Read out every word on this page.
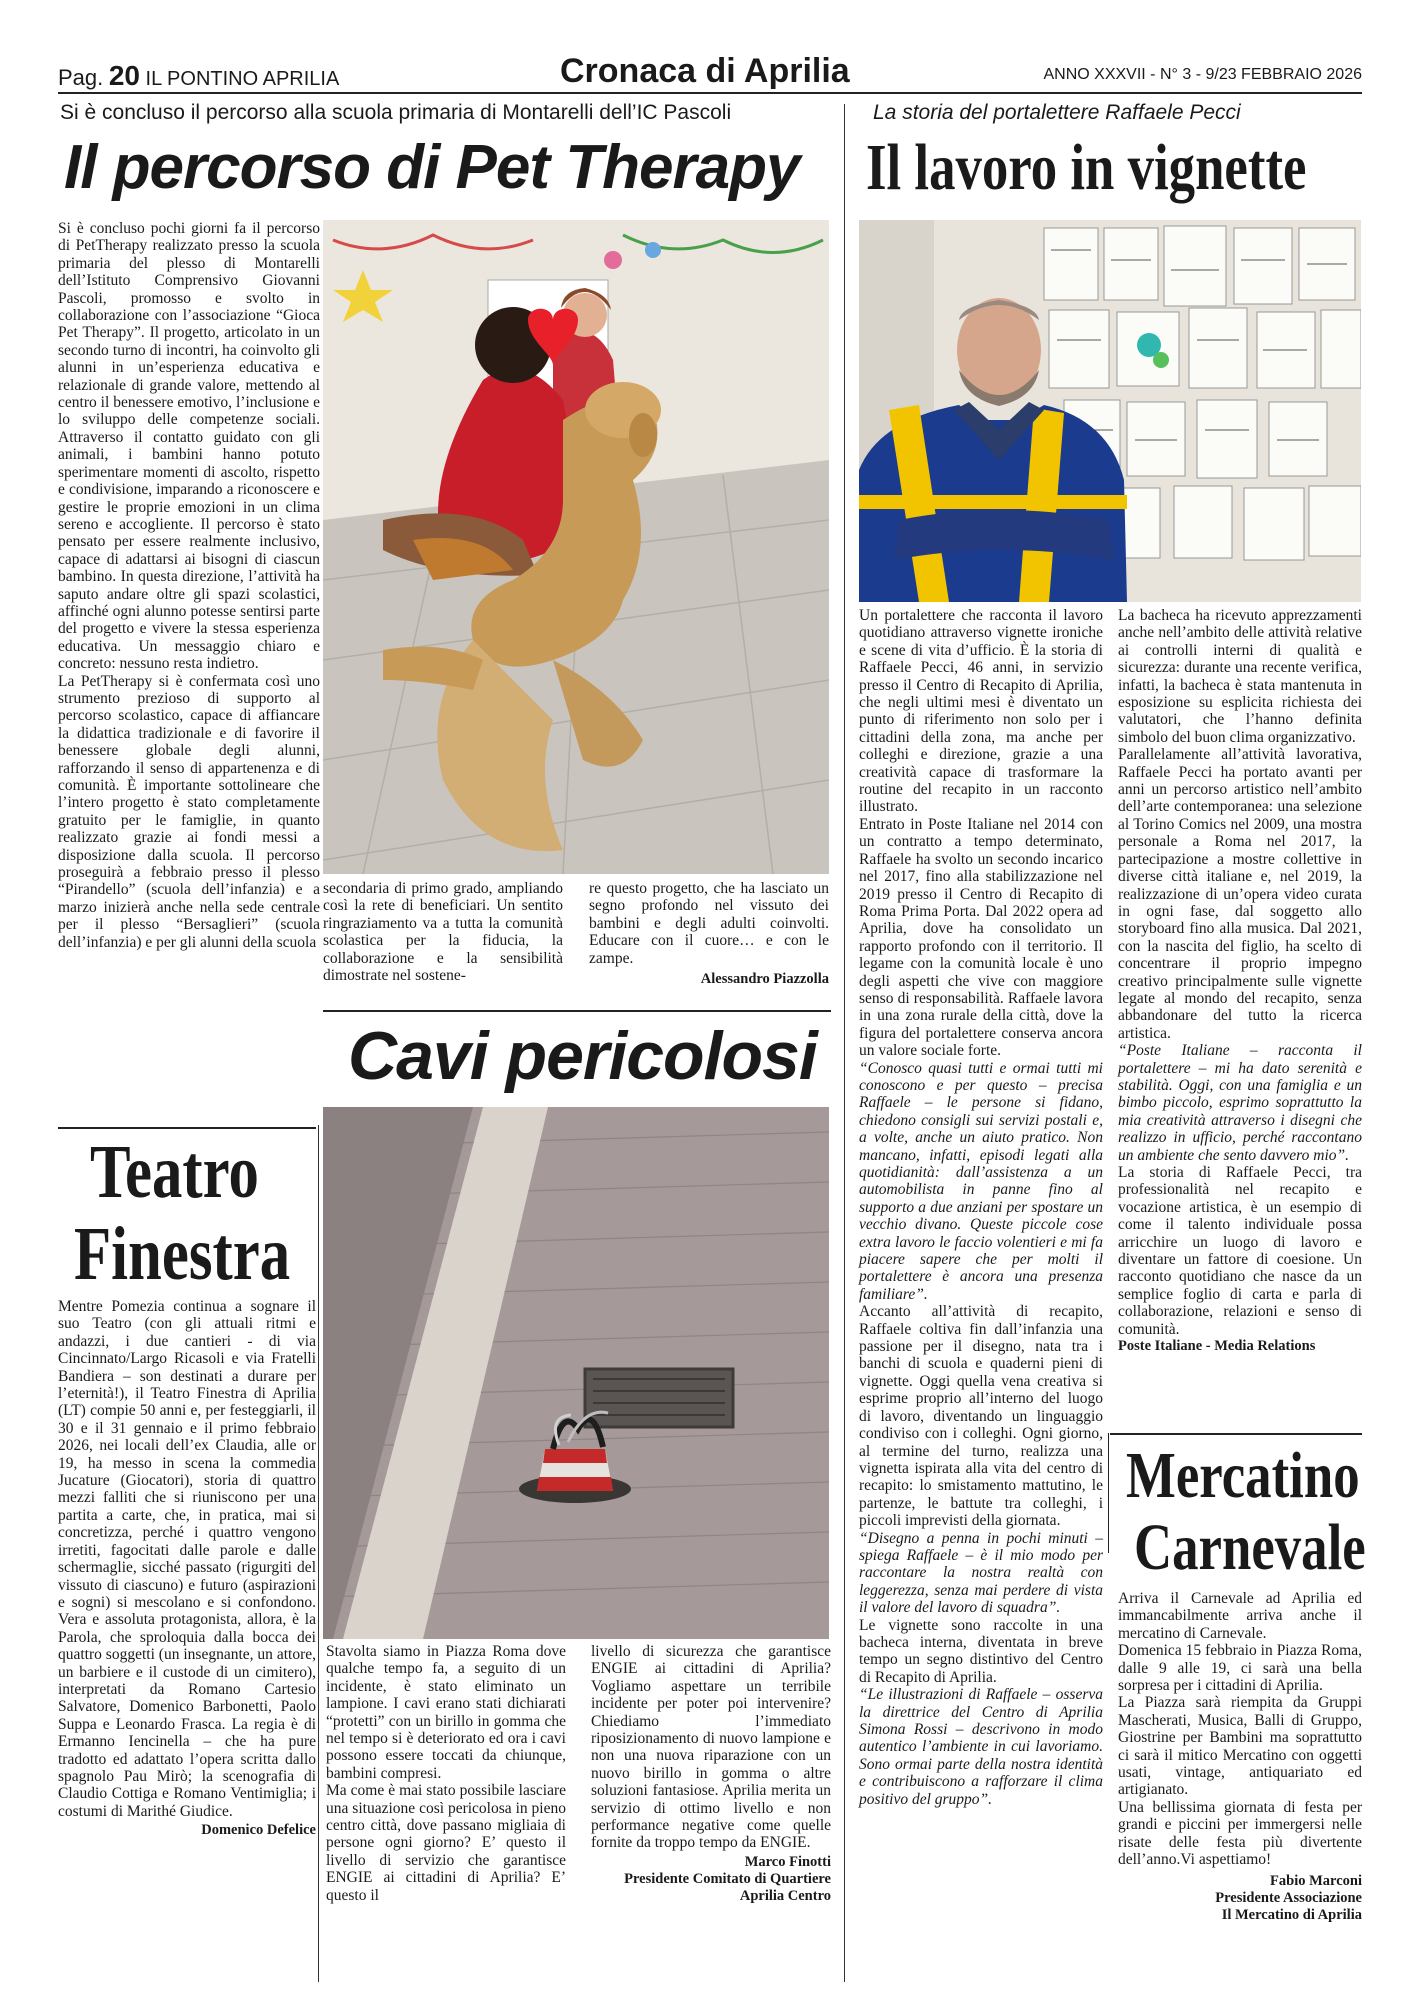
Pag. 20 IL PONTINO APRILIA	Cronaca di Aprilia	ANNO XXXVII - N° 3 - 9/23 FEBBRAIO 2026
Si è concluso il percorso alla scuola primaria di Montarelli dell’IC Pascoli
Il percorso di Pet Therapy

Si è concluso pochi giorni fa il percorso di PetTherapy realizzato presso la scuola primaria del plesso di Montarelli dell’Istituto Comprensivo Giovanni Pascoli, promosso e svolto in collaborazione con l’associazione “Gioca Pet Therapy”. Il progetto, articolato in un secondo turno di incontri, ha coinvolto gli alunni in un’esperienza educativa e relazionale di grande valore, mettendo al centro il benessere emotivo, l’inclusione e lo sviluppo delle competenze sociali. Attraverso il contatto guidato con gli animali, i bambini hanno potuto sperimentare momenti di ascolto, rispetto e condivisione, imparando a riconoscere e gestire le proprie emozioni in un clima sereno e accogliente. Il percorso è stato pensato per essere realmente inclusivo, capace di adattarsi ai bisogni di ciascun bambino. In questa direzione, l’attività ha saputo andare oltre gli spazi scolastici, affinché ogni alunno potesse sentirsi parte del progetto e vivere la stessa esperienza educativa. Un messaggio chiaro e concreto: nessuno resta indietro.

La PetTherapy si è confermata così uno strumento prezioso di supporto al percorso scolastico, capace di affiancare la didattica tradizionale e di favorire il benessere globale degli alunni, rafforzando il senso di appartenenza e di comunità. È importante sottolineare che l’intero progetto è stato completamente gratuito per le famiglie, in quanto realizzato grazie ai fondi messi a disposizione dalla scuola. Il percorso proseguirà a febbraio presso il plesso “Pirandello” (scuola dell’infanzia) e a marzo inizierà anche nella sede centrale per il plesso “Bersaglieri” (scuola dell’infanzia) e per gli alunni della scuola

secondaria di primo grado, ampliando così la rete di beneficiari. Un sentito ringraziamento va a tutta la comunità scolastica per la fiducia, la collaborazione e la sensibilità dimostrate nel sostene-

re questo progetto, che ha lasciato un segno profondo nel vissuto dei bambini e degli adulti coinvolti. Educare con il cuore… e con le zampe.

Alessandro Piazzolla
Teatro
Finestra

Mentre Pomezia continua a sognare il suo Teatro (con gli attuali ritmi e andazzi, i due cantieri - di via Cincinnato/Largo Ricasoli e via Fratelli Bandiera – son destinati a durare per l’eternità!), il Teatro Finestra di Aprilia (LT) compie 50 anni e, per festeggiarli, il 30 e il 31 gennaio e il primo febbraio 2026, nei locali dell’ex Claudia, alle or 19, ha messo in scena la commedia Jucature (Giocatori), storia di quattro mezzi falliti che si riuniscono per una partita a carte, che, in pratica, mai si concretizza, perché i quattro vengono irretiti, fagocitati dalle parole e dalle schermaglie, sicché passato (rigurgiti del vissuto di ciascuno) e futuro (aspirazioni e sogni) si mescolano e si confondono. Vera e assoluta protagonista, allora, è la Parola, che sproloquia dalla bocca dei quattro soggetti (un insegnante, un attore, un barbiere e il custode di un cimitero), interpretati da Romano Cartesio Salvatore, Domenico Barbonetti, Paolo Suppa e Leonardo Frasca. La regia è di Ermanno Iencinella – che ha pure tradotto ed adattato l’opera scritta dallo spagnolo Pau Mirò; la scenografia di Claudio Cottiga e Romano Ventimiglia; i costumi di Marithé Giudice.

Domenico Defelice
Cavi pericolosi

Stavolta siamo in Piazza Roma dove qualche tempo fa, a seguito di un incidente, è stato eliminato un lampione. I cavi erano stati dichiarati “protetti” con un birillo in gomma che nel tempo si è deteriorato ed ora i cavi possono essere toccati da chiunque, bambini compresi.

Ma come è mai stato possibile lasciare una situazione così pericolosa in pieno centro città, dove passano migliaia di persone ogni giorno? E’ questo il livello di servizio che garantisce ENGIE ai cittadini di Aprilia? E’ questo il

livello di sicurezza che garantisce ENGIE ai cittadini di Aprilia? Vogliamo aspettare un terribile incidente per poter poi intervenire? Chiediamo l’immediato riposizionamento di nuovo lampione e non una nuova riparazione con un nuovo birillo in gomma o altre soluzioni fantasiose. Aprilia merita un servizio di ottimo livello e non performance negative come quelle fornite da troppo tempo da ENGIE.

Marco Finotti
Presidente Comitato di Quartiere Aprilia Centro
La storia del portalettere Raffaele Pecci
Il lavoro in vignette

Un portalettere che racconta il lavoro quotidiano attraverso vignette ironiche e scene di vita d’ufficio. È la storia di Raffaele Pecci, 46 anni, in servizio presso il Centro di Recapito di Aprilia, che negli ultimi mesi è diventato un punto di riferimento non solo per i cittadini della zona, ma anche per colleghi e direzione, grazie a una creatività capace di trasformare la routine del recapito in un racconto illustrato.

Entrato in Poste Italiane nel 2014 con un contratto a tempo determinato, Raffaele ha svolto un secondo incarico nel 2017, fino alla stabilizzazione nel 2019 presso il Centro di Recapito di Roma Prima Porta. Dal 2022 opera ad Aprilia, dove ha consolidato un rapporto profondo con il territorio. Il legame con la comunità locale è uno degli aspetti che vive con maggiore senso di responsabilità. Raffaele lavora in una zona rurale della città, dove la figura del portalettere conserva ancora un valore sociale forte.

“Conosco quasi tutti e ormai tutti mi conoscono e per questo – precisa Raffaele – le persone si fidano, chiedono consigli sui servizi postali e, a volte, anche un aiuto pratico. Non mancano, infatti, episodi legati alla quotidianità: dall’assistenza a un automobilista in panne fino al supporto a due anziani per spostare un vecchio divano. Queste piccole cose extra lavoro le faccio volentieri e mi fa piacere sapere che per molti il portalettere è ancora una presenza familiare”.

Accanto all’attività di recapito, Raffaele coltiva fin dall’infanzia una passione per il disegno, nata tra i banchi di scuola e quaderni pieni di vignette. Oggi quella vena creativa si esprime proprio all’interno del luogo di lavoro, diventando un linguaggio condiviso con i colleghi. Ogni giorno, al termine del turno, realizza una vignetta ispirata alla vita del centro di recapito: lo smistamento mattutino, le partenze, le battute tra colleghi, i piccoli imprevisti della giornata.

“Disegno a penna in pochi minuti – spiega Raffaele – è il mio modo per raccontare la nostra realtà con leggerezza, senza mai perdere di vista il valore del lavoro di squadra”.

Le vignette sono raccolte in una bacheca interna, diventata in breve tempo un segno distintivo del Centro di Recapito di Aprilia.

“Le illustrazioni di Raffaele – osserva la direttrice del Centro di Aprilia Simona Rossi – descrivono in modo autentico l’ambiente in cui lavoriamo. Sono ormai parte della nostra identità e contribuiscono a rafforzare il clima positivo del gruppo”.

La bacheca ha ricevuto apprezzamenti anche nell’ambito delle attività relative ai controlli interni di qualità e sicurezza: durante una recente verifica, infatti, la bacheca è stata mantenuta in esposizione su esplicita richiesta dei valutatori, che l’hanno definita simbolo del buon clima organizzativo.

Parallelamente all’attività lavorativa, Raffaele Pecci ha portato avanti per anni un percorso artistico nell’ambito dell’arte contemporanea: una selezione al Torino Comics nel 2009, una mostra personale a Roma nel 2017, la partecipazione a mostre collettive in diverse città italiane e, nel 2019, la realizzazione di un’opera video curata in ogni fase, dal soggetto allo storyboard fino alla musica. Dal 2021, con la nascita del figlio, ha scelto di concentrare il proprio impegno creativo principalmente sulle vignette legate al mondo del recapito, senza abbandonare del tutto la ricerca artistica.

“Poste Italiane – racconta il portalettere – mi ha dato serenità e stabilità. Oggi, con una famiglia e un bimbo piccolo, esprimo soprattutto la mia creatività attraverso i disegni che realizzo in ufficio, perché raccontano un ambiente che sento davvero mio”.

La storia di Raffaele Pecci, tra professionalità nel recapito e vocazione artistica, è un esempio di come il talento individuale possa arricchire un luogo di lavoro e diventare un fattore di coesione. Un racconto quotidiano che nasce da un semplice foglio di carta e parla di collaborazione, relazioni e senso di comunità.

Poste Italiane - Media Relations
Mercatino
Carnevale

Arriva il Carnevale ad Aprilia ed immancabilmente arriva anche il mercatino di Carnevale.

Domenica 15 febbraio in Piazza Roma, dalle 9 alle 19, ci sarà una bella sorpresa per i cittadini di Aprilia.

La Piazza sarà riempita da Gruppi Mascherati, Musica, Balli di Gruppo, Giostrine per Bambini ma soprattutto ci sarà il mitico Mercatino con oggetti usati, vintage, antiquariato ed artigianato.

Una bellissima giornata di festa per grandi e piccini per immergersi nelle risate delle festa più divertente dell’anno.Vi aspettiamo!

Fabio Marconi
Presidente Associazione
Il Mercatino di Aprilia
